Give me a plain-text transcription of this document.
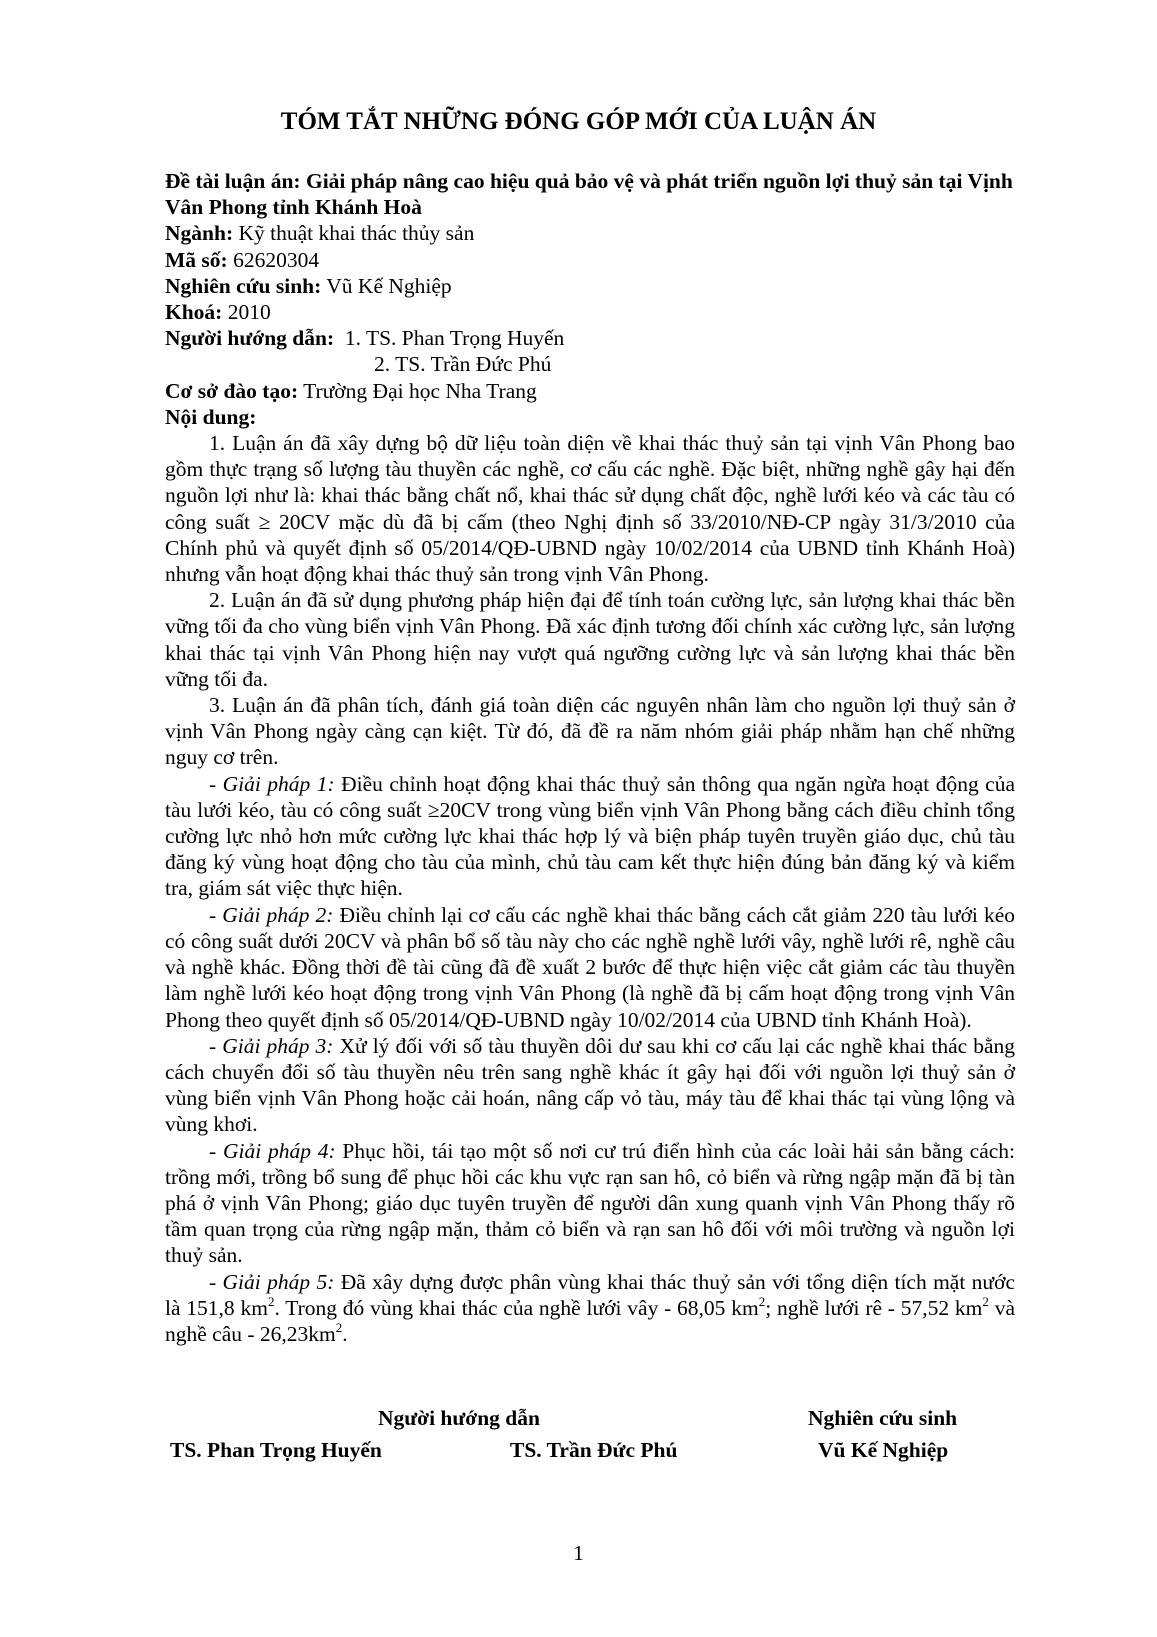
TÓM TẮT NHỮNG ĐÓNG GÓP MỚI CỦA LUẬN ÁN

Đề tài luận án: Giải pháp nâng cao hiệu quả bảo vệ và phát triển nguồn lợi thuỷ sản tại Vịnh Vân Phong tỉnh Khánh Hoà

Ngành: Kỹ thuật khai thác thủy sản

Mã số: 62620304

Nghiên cứu sinh: Vũ Kế Nghiệp

Khoá: 2010

Người hướng dẫn: 1. TS. Phan Trọng Huyến

2. TS. Trần Đức Phú

Cơ sở đào tạo: Trường Đại học Nha Trang

Nội dung:

1. Luận án đã xây dựng bộ dữ liệu toàn diện về khai thác thuỷ sản tại vịnh Vân Phong bao gồm thực trạng số lượng tàu thuyền các nghề, cơ cấu các nghề. Đặc biệt, những nghề gây hại đến nguồn lợi như là: khai thác bằng chất nổ, khai thác sử dụng chất độc, nghề lưới kéo và các tàu có công suất ≥ 20CV mặc dù đã bị cấm (theo Nghị định số 33/2010/NĐ-CP ngày 31/3/2010 của Chính phủ và quyết định số 05/2014/QĐ-UBND ngày 10/02/2014 của UBND tỉnh Khánh Hoà) nhưng vẫn hoạt động khai thác thuỷ sản trong vịnh Vân Phong.

2. Luận án đã sử dụng phương pháp hiện đại để tính toán cường lực, sản lượng khai thác bền vững tối đa cho vùng biển vịnh Vân Phong. Đã xác định tương đối chính xác cường lực, sản lượng khai thác tại vịnh Vân Phong hiện nay vượt quá ngưỡng cường lực và sản lượng khai thác bền vững tối đa.

3. Luận án đã phân tích, đánh giá toàn diện các nguyên nhân làm cho nguồn lợi thuỷ sản ở vịnh Vân Phong ngày càng cạn kiệt. Từ đó, đã đề ra năm nhóm giải pháp nhằm hạn chế những nguy cơ trên.

- Giải pháp 1: Điều chỉnh hoạt động khai thác thuỷ sản thông qua ngăn ngừa hoạt động của tàu lưới kéo, tàu có công suất ≥20CV trong vùng biển vịnh Vân Phong bằng cách điều chỉnh tổng cường lực nhỏ hơn mức cường lực khai thác hợp lý và biện pháp tuyên truyền giáo dục, chủ tàu đăng ký vùng hoạt động cho tàu của mình, chủ tàu cam kết thực hiện đúng bản đăng ký và kiểm tra, giám sát việc thực hiện.

- Giải pháp 2: Điều chỉnh lại cơ cấu các nghề khai thác bằng cách cắt giảm 220 tàu lưới kéo có công suất dưới 20CV và phân bổ số tàu này cho các nghề nghề lưới vây, nghề lưới rê, nghề câu và nghề khác. Đồng thời đề tài cũng đã đề xuất 2 bước để thực hiện việc cắt giảm các tàu thuyền làm nghề lưới kéo hoạt động trong vịnh Vân Phong (là nghề đã bị cấm hoạt động trong vịnh Vân Phong theo quyết định số 05/2014/QĐ-UBND ngày 10/02/2014 của UBND tỉnh Khánh Hoà).

- Giải pháp 3: Xử lý đối với số tàu thuyền dôi dư sau khi cơ cấu lại các nghề khai thác bằng cách chuyển đổi số tàu thuyền nêu trên sang nghề khác ít gây hại đối với nguồn lợi thuỷ sản ở vùng biển vịnh Vân Phong hoặc cải hoán, nâng cấp vỏ tàu, máy tàu để khai thác tại vùng lộng và vùng khơi.

- Giải pháp 4: Phục hồi, tái tạo một số nơi cư trú điển hình của các loài hải sản bằng cách: trồng mới, trồng bổ sung để phục hồi các khu vực rạn san hô, cỏ biển và rừng ngập mặn đã bị tàn phá ở vịnh Vân Phong; giáo dục tuyên truyền để người dân xung quanh vịnh Vân Phong thấy rõ tầm quan trọng của rừng ngập mặn, thảm cỏ biển và rạn san hô đối với môi trường và nguồn lợi thuỷ sản.

- Giải pháp 5: Đã xây dựng được phân vùng khai thác thuỷ sản với tổng diện tích mặt nước là 151,8 $km^2$. Trong đó vùng khai thác của nghề lưới vây - 68,05 $km^2$; nghề lưới rê - 57,52 $km^2$ và nghề câu - $26,23km^2$.

Người hướng dẫn	Nghiên cứu sinh
TS. Phan Trọng Huyến	TS. Trần Đức Phú	Vũ Kế Nghiệp
1
